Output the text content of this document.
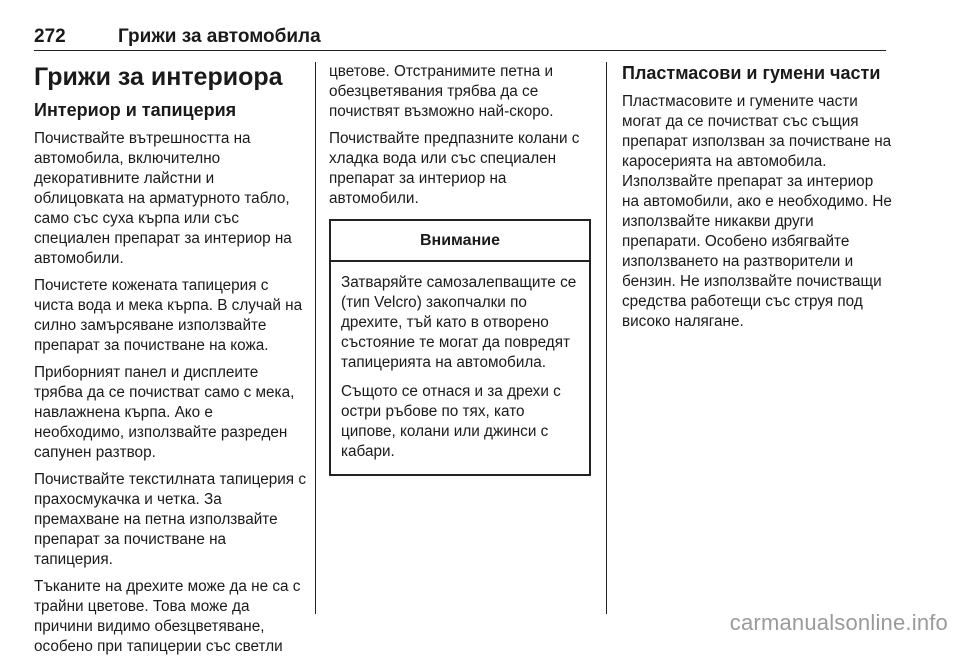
272	Грижи за автомобила
Грижи за интериора
Интериор и тапицерия

Почиствайте вътрешността на автомобила, включително декоративните лайстни и облицовката на арматурното табло, само със суха кърпа или със специален препарат за интериор на автомобили.

Почистете кожената тапицерия с чиста вода и мека кърпа. В случай на силно замърсяване използвайте препарат за почистване на кожа.

Приборният панел и дисплеите трябва да се почистват само с мека, навлажнена кърпа. Ако е необходимо, използвайте разреден сапунен разтвор.

Почиствайте текстилната тапицерия с прахосмукачка и четка. За премахване на петна използвайте препарат за почистване на тапицерия.

Тъканите на дрехите може да не са с трайни цветове. Това може да причини видимо обезцветяване, особено при тапицерии със светли

цветове. Отстранимите петна и обезцветявания трябва да се почиствят възможно най-скоро.

Почиствайте предпазните колани с хладка вода или със специален препарат за интериор на автомобили.

Внимание

Затваряйте самозалепващите се (тип Velcro) закопчалки по дрехите, тъй като в отворено състояние те могат да повредят тапицерията на автомобила.

Същото се отнася и за дрехи с остри ръбове по тях, като ципове, колани или джинси с кабари.

Пластмасови и гумени части

Пластмасовите и гумените части могат да се почистват със същия препарат използван за почистване на каросерията на автомобила. Използвайте препарат за интериор на автомобили, ако е необходимо. Не използвайте никакви други препарати. Особено избягвайте използването на разтворители и бензин. Не използвайте почистващи средства работещи със струя под високо налягане.

carmanualsonline.info
